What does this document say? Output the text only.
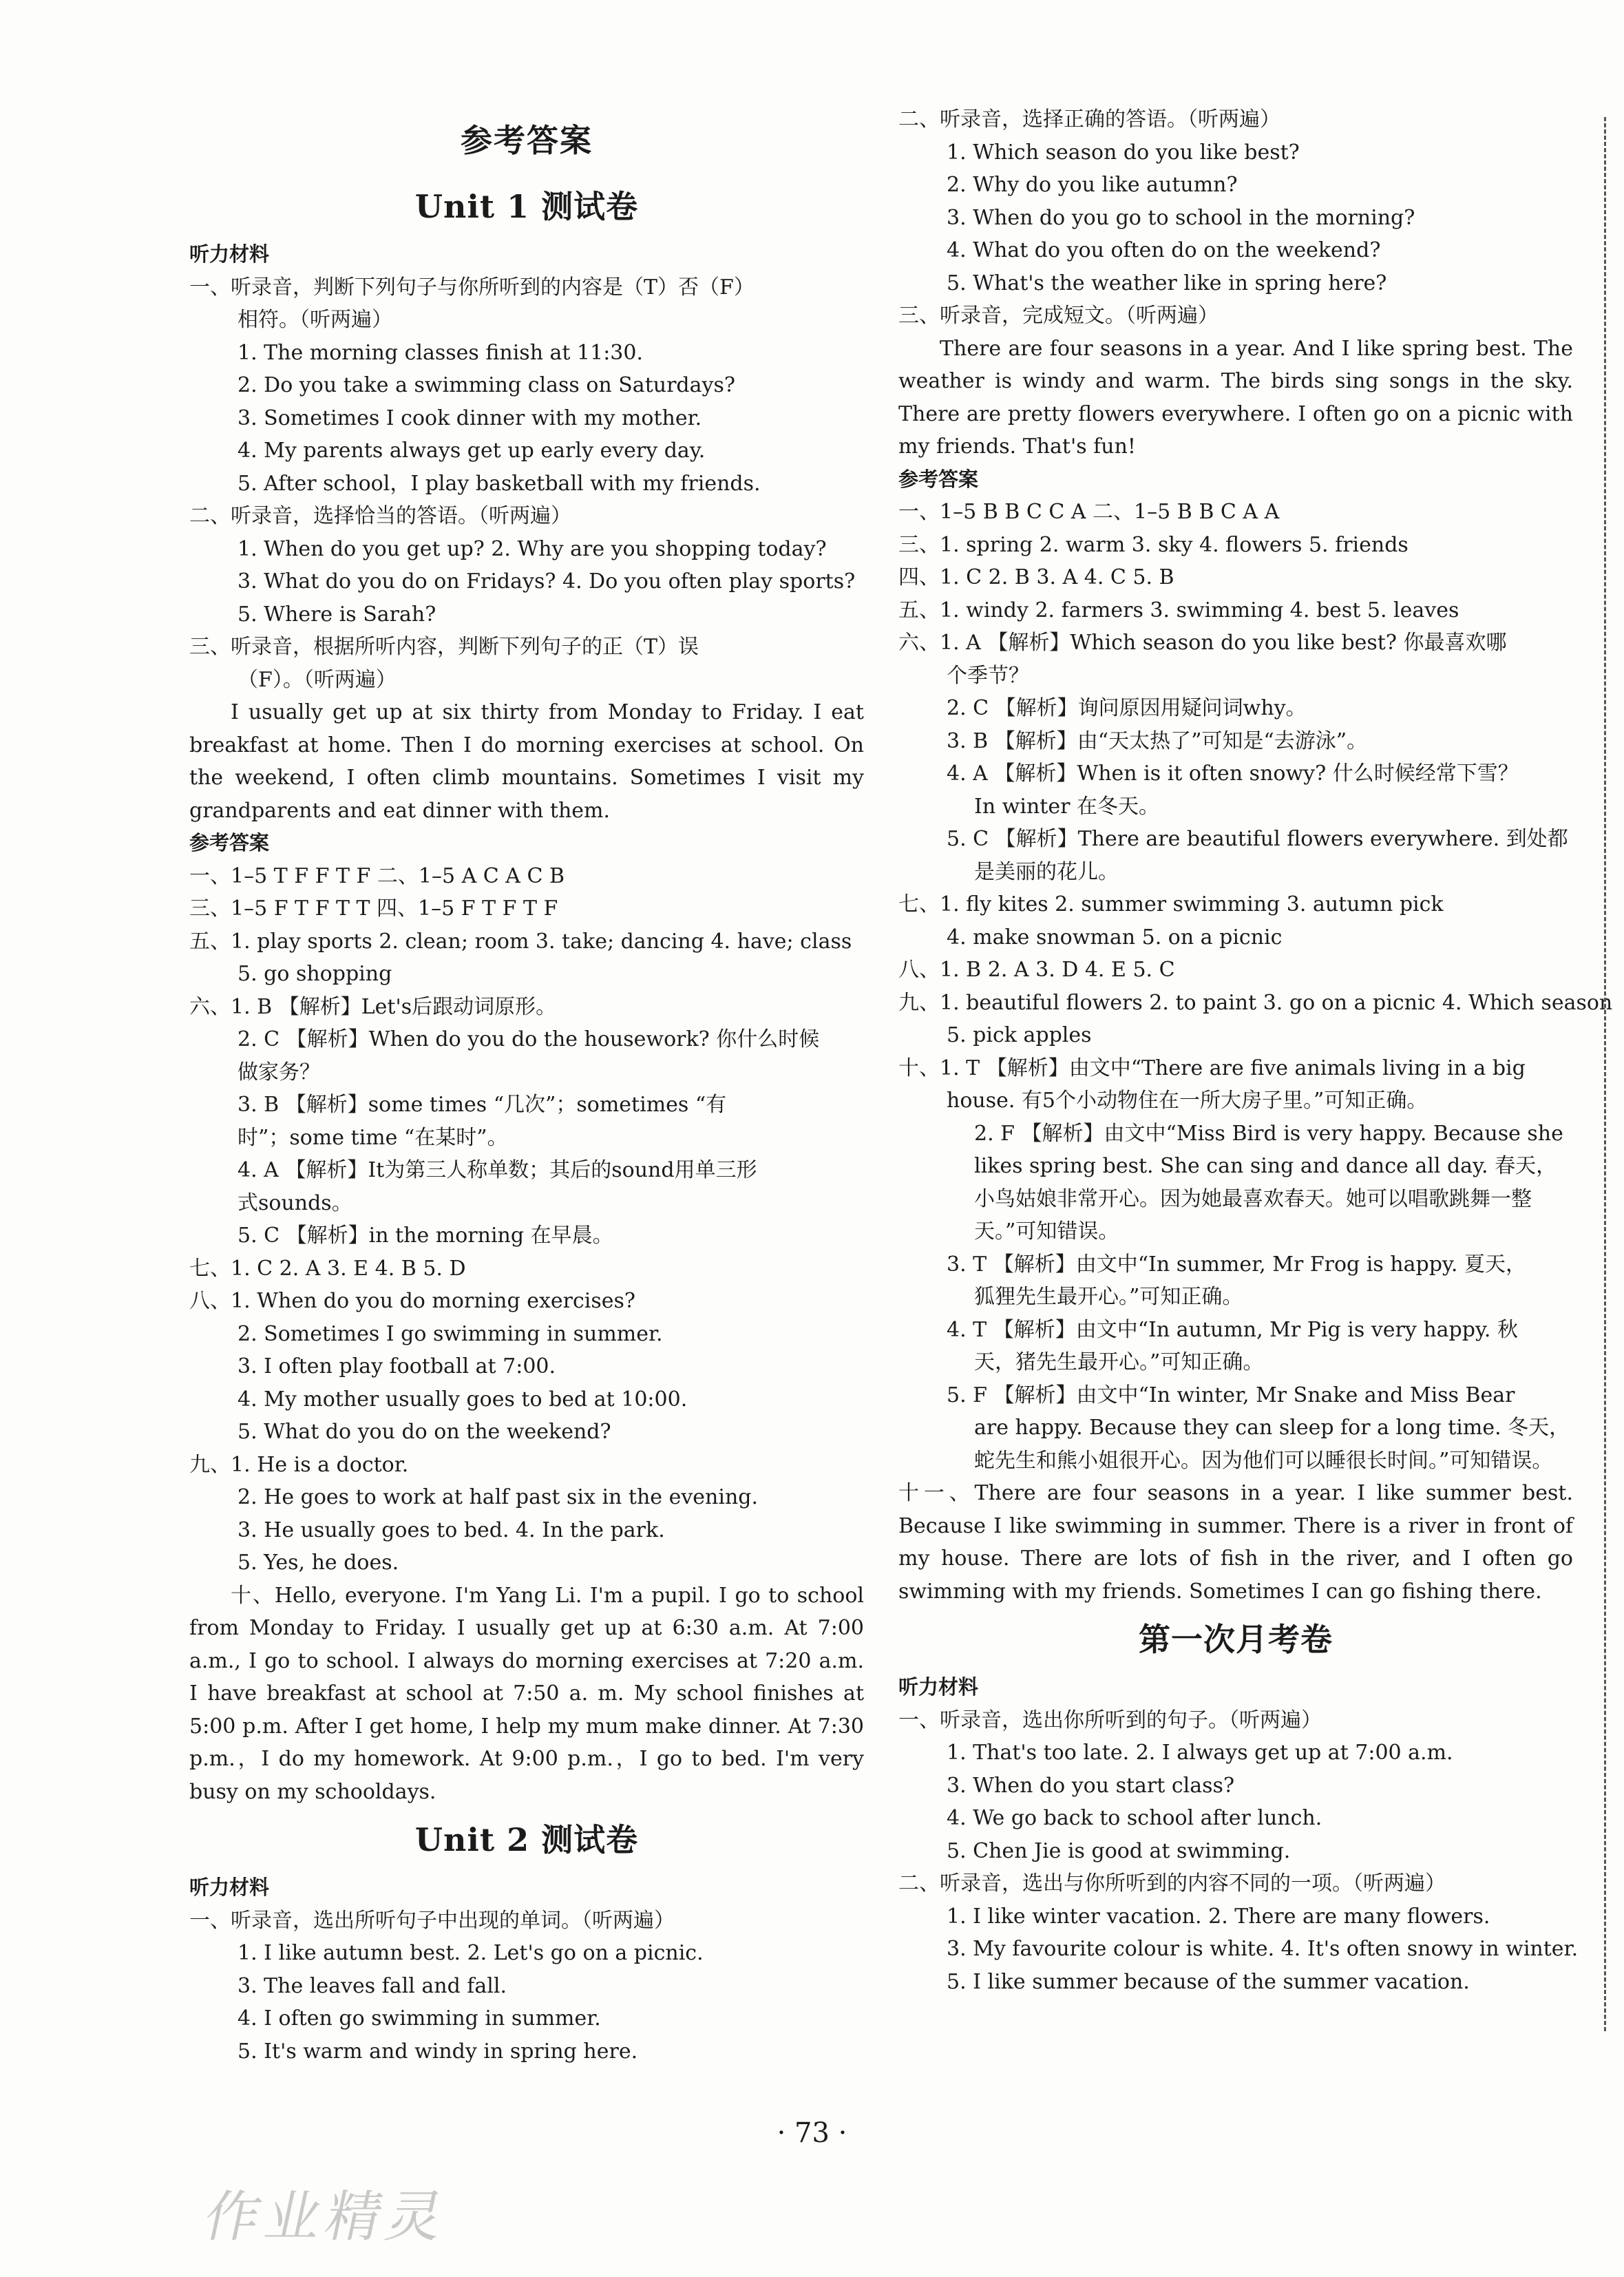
参考答案
Unit 1 测试卷
听力材料
一、听录音，判断下列句子与你所听到的内容是（T）否（F）
相符。（听两遍）
1. The morning classes finish at 11:30.
2. Do you take a swimming class on Saturdays?
3. Sometimes I cook dinner with my mother.
4. My parents always get up early every day.
5. After school，I play basketball with my friends.
二、听录音，选择恰当的答语。（听两遍）
1. When do you get up? 2. Why are you shopping today?
3. What do you do on Fridays? 4. Do you often play sports?
5. Where is Sarah?
三、听录音，根据所听内容，判断下列句子的正（T）误
（F）。（听两遍）
I usually get up at six thirty from Monday to Friday. I eat breakfast at home. Then I do morning exercises at school. On the weekend, I often climb mountains. Sometimes I visit my grandparents and eat dinner with them.
参考答案
一、1–5 T F F T F 二、1–5 A C A C B
三、1–5 F T F T T 四、1–5 F T F T F
五、1. play sports 2. clean; room 3. take; dancing 4. have; class
5. go shopping
六、1. B 【解析】Let's后跟动词原形。
2. C 【解析】When do you do the housework? 你什么时候
做家务？
3. B 【解析】some times “几次”；sometimes “有
时”；some time “在某时”。
4. A 【解析】It为第三人称单数；其后的sound用单三形
式sounds。
5. C 【解析】in the morning 在早晨。
七、1. C 2. A 3. E 4. B 5. D
八、1. When do you do morning exercises?
2. Sometimes I go swimming in summer.
3. I often play football at 7:00.
4. My mother usually goes to bed at 10:00.
5. What do you do on the weekend?
九、1. He is a doctor.
2. He goes to work at half past six in the evening.
3. He usually goes to bed. 4. In the park.
5. Yes, he does.
十、Hello, everyone. I'm Yang Li. I'm a pupil. I go to school from Monday to Friday. I usually get up at 6:30 a.m. At 7:00 a.m., I go to school. I always do morning exercises at 7:20 a.m. I have breakfast at school at 7:50 a. m. My school finishes at 5:00 p.m. After I get home, I help my mum make dinner. At 7:30 p.m.，I do my homework. At 9:00 p.m.，I go to bed. I'm very busy on my schooldays.
Unit 2 测试卷
听力材料
一、听录音，选出所听句子中出现的单词。（听两遍）
1. I like autumn best. 2. Let's go on a picnic.
3. The leaves fall and fall.
4. I often go swimming in summer.
5. It's warm and windy in spring here.
二、听录音，选择正确的答语。（听两遍）
1. Which season do you like best?
2. Why do you like autumn?
3. When do you go to school in the morning?
4. What do you often do on the weekend?
5. What's the weather like in spring here?
三、听录音，完成短文。（听两遍）
There are four seasons in a year. And I like spring best. The weather is windy and warm. The birds sing songs in the sky. There are pretty flowers everywhere. I often go on a picnic with my friends. That's fun!
参考答案
一、1–5 B B C C A 二、1–5 B B C A A
三、1. spring 2. warm 3. sky 4. flowers 5. friends
四、1. C 2. B 3. A 4. C 5. B
五、1. windy 2. farmers 3. swimming 4. best 5. leaves
六、1. A 【解析】Which season do you like best? 你最喜欢哪
个季节？
2. C 【解析】询问原因用疑问词why。
3. B 【解析】由“天太热了”可知是“去游泳”。
4. A 【解析】When is it often snowy? 什么时候经常下雪？
In winter 在冬天。
5. C 【解析】There are beautiful flowers everywhere. 到处都
是美丽的花儿。
七、1. fly kites 2. summer swimming 3. autumn pick
4. make snowman 5. on a picnic
八、1. B 2. A 3. D 4. E 5. C
九、1. beautiful flowers 2. to paint 3. go on a picnic 4. Which season
5. pick apples
十、1. T 【解析】由文中“There are five animals living in a big
house. 有5个小动物住在一所大房子里。”可知正确。
2. F 【解析】由文中“Miss Bird is very happy. Because she likes spring best. She can sing and dance all day. 春天，小鸟姑娘非常开心。因为她最喜欢春天。她可以唱歌跳舞一整天。”可知错误。
3. T 【解析】由文中“In summer, Mr Frog is happy. 夏天，
狐狸先生最开心。”可知正确。
4. T 【解析】由文中“In autumn, Mr Pig is very happy. 秋
天，猪先生最开心。”可知正确。
5. F 【解析】由文中“In winter, Mr Snake and Miss Bear
are happy. Because they can sleep for a long time. 冬天，蛇先生和熊小姐很开心。因为他们可以睡很长时间。”可知错误。
十一、There are four seasons in a year. I like summer best. Because I like swimming in summer. There is a river in front of my house. There are lots of fish in the river, and I often go swimming with my friends. Sometimes I can go fishing there.
第一次月考卷
听力材料
一、听录音，选出你所听到的句子。（听两遍）
1. That's too late. 2. I always get up at 7:00 a.m.
3. When do you start class?
4. We go back to school after lunch.
5. Chen Jie is good at swimming.
二、听录音，选出与你所听到的内容不同的一项。（听两遍）
1. I like winter vacation. 2. There are many flowers.
3. My favourite colour is white. 4. It's often snowy in winter.
5. I like summer because of the summer vacation.
· 73 ·
作业精灵
